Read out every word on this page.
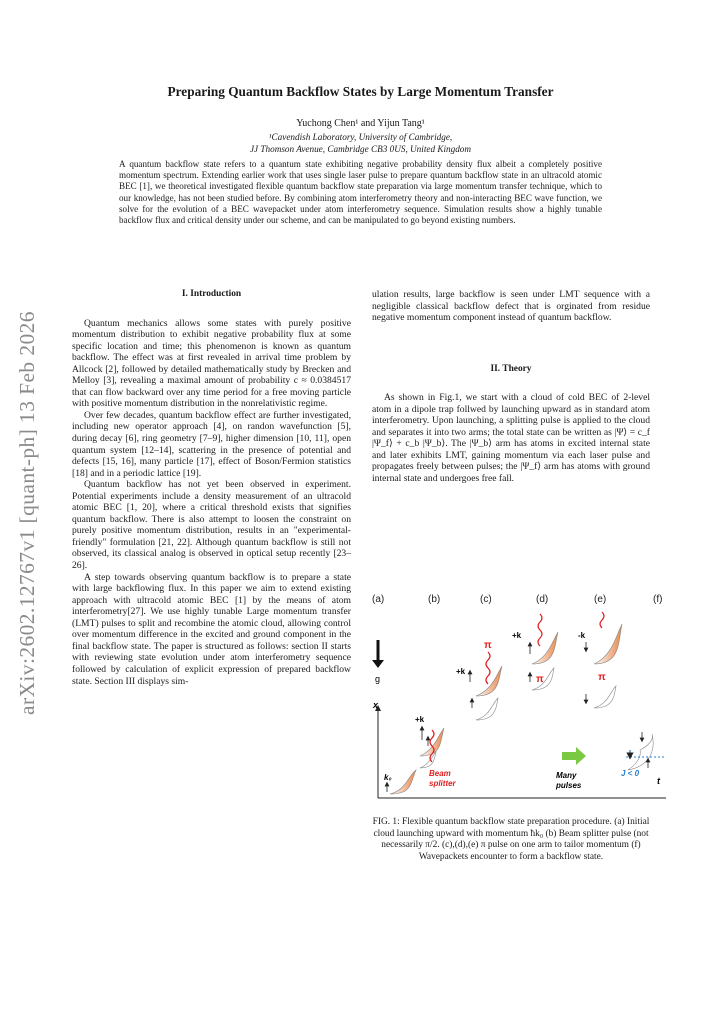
arXiv:2602.12767v1 [quant-ph] 13 Feb 2026
Preparing Quantum Backflow States by Large Momentum Transfer
Yuchong Chen¹ and Yijun Tang¹
¹Cavendish Laboratory, University of Cambridge,
JJ Thomson Avenue, Cambridge CB3 0US, United Kingdom
A quantum backflow state refers to a quantum state exhibiting negative probability density flux albeit a completely positive momentum spectrum. Extending earlier work that uses single laser pulse to prepare quantum backflow state in an ultracold atomic BEC [1], we theoretical investigated flexible quantum backflow state preparation via large momentum transfer technique, which to our knowledge, has not been studied before. By combining atom interferometry theory and non-interacting BEC wave function, we solve for the evolution of a BEC wavepacket under atom interferometry sequence. Simulation results show a highly tunable backflow flux and critical density under our scheme, and can be manipulated to go beyond existing numbers.
I. Introduction

Quantum mechanics allows some states with purely positive momentum distribution to exhibit negative probability flux at some specific location and time; this phenomenon is known as quantum backflow. The effect was at first revealed in arrival time problem by Allcock [2], followed by detailed mathematically study by Brecken and Melloy [3], revealing a maximal amount of probability c ≈ 0.0384517 that can flow backward over any time period for a free moving particle with positive momentum distribution in the nonrelativistic regime.

Over few decades, quantum backflow effect are further investigated, including new operator approach [4], on randon wavefunction [5], during decay [6], ring geometry [7–9], higher dimension [10, 11], open quantum system [12–14], scattering in the presence of potential and defects [15, 16], many particle [17], effect of Boson/Fermion statistics [18] and in a periodic lattice [19].

Quantum backflow has not yet been observed in experiment. Potential experiments include a density measurement of an ultracold atomic BEC [1, 20], where a critical threshold exists that signifies quantum backflow. There is also attempt to loosen the constraint on purely positive momentum distribution, results in an "experimental-friendly" formulation [21, 22]. Although quantum backflow is still not observed, its classical analog is observed in optical setup recently [23–26].

A step towards observing quantum backflow is to prepare a state with large backflowing flux. In this paper we aim to extend existing approach with ultracold atomic BEC [1] by the means of atom interferometry[27]. We use highly tunable Large momentum transfer (LMT) pulses to split and recombine the atomic cloud, allowing control over momentum difference in the excited and ground component in the final backflow state. The paper is structured as follows: section II starts with reviewing state evolution under atom interferometry sequence followed by calculation of explicit expression of prepared backflow state. Section III displays sim-

ulation results, large backflow is seen under LMT sequence with a negligible classical backflow defect that is orginated from residue negative momentum component instead of quantum backflow.

II. Theory

As shown in Fig.1, we start with a cloud of cold BEC of 2-level atom in a dipole trap follwed by launching upward as in standard atom interferometry. Upon launching, a splitting pulse is applied to the cloud and separates it into two arms; the total state can be written as |Ψ⟩ = c_f |Ψ_f⟩ + c_b |Ψ_b⟩. The |Ψ_b⟩ arm has atoms in excited internal state and later exhibits LMT, gaining momentum via each laser pulse and propagates freely between pulses; the |Ψ_f⟩ arm has atoms with ground internal state and undergoes free fall.

(a)	(b)	(c)	(d)	(e)	(f)
g
x
t
k₀
+k
Beam
splitter
+k
π
+k
π
-k
π
Many
pulses
J < 0
FIG. 1: Flexible quantum backflow state preparation procedure. (a) Initial cloud launching upward with momentum ħk₀ (b) Beam splitter pulse (not necessarily π/2. (c),(d),(e) π pulse on one arm to tailor momentum (f) Wavepackets encounter to form a backflow state.
